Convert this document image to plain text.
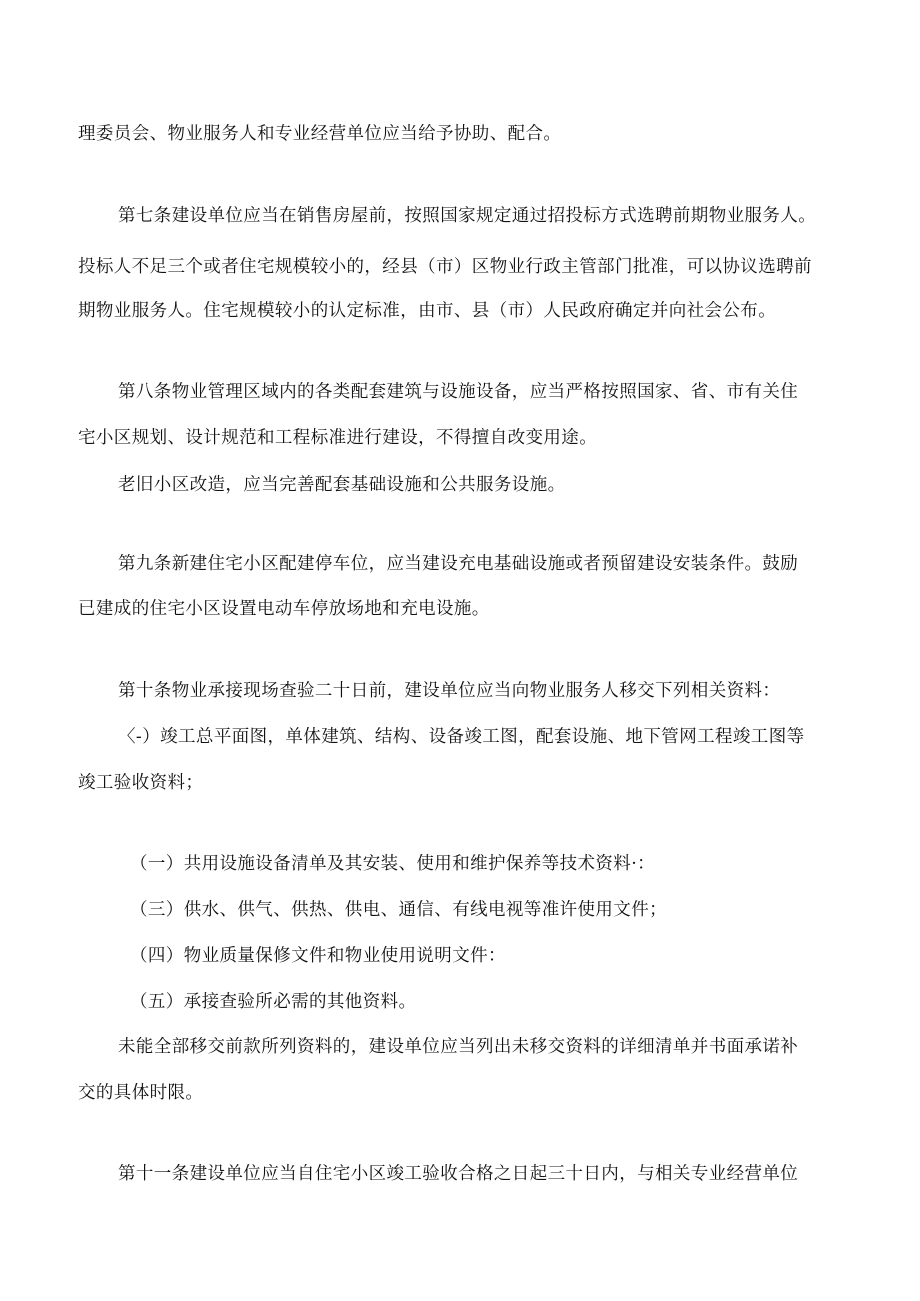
理委员会、物业服务人和专业经营单位应当给予协助、配合。
第七条建设单位应当在销售房屋前，按照国家规定通过招投标方式选聘前期物业服务人。
投标人不足三个或者住宅规模较小的，经县（市）区物业行政主管部门批准，可以协议选聘前
期物业服务人。住宅规模较小的认定标准，由市、县（市）人民政府确定并向社会公布。
第八条物业管理区域内的各类配套建筑与设施设备，应当严格按照国家、省、市有关住
宅小区规划、设计规范和工程标准进行建设，不得擅自改变用途。
老旧小区改造，应当完善配套基础设施和公共服务设施。
第九条新建住宅小区配建停车位，应当建设充电基础设施或者预留建设安装条件。鼓励
已建成的住宅小区设置电动车停放场地和充电设施。
第十条物业承接现场查验二十日前，建设单位应当向物业服务人移交下列相关资料：
〈-）竣工总平面图，单体建筑、结构、设备竣工图，配套设施、地下管网工程竣工图等
竣工验收资料；
（一）共用设施设备清单及其安装、使用和维护保养等技术资料·：
（三）供水、供气、供热、供电、通信、有线电视等准许使用文件；
（四）物业质量保修文件和物业使用说明文件：
（五）承接查验所必需的其他资料。
未能全部移交前款所列资料的，建设单位应当列出未移交资料的详细清单并书面承诺补
交的具体时限。
第十一条建设单位应当自住宅小区竣工验收合格之日起三十日内，与相关专业经营单位
